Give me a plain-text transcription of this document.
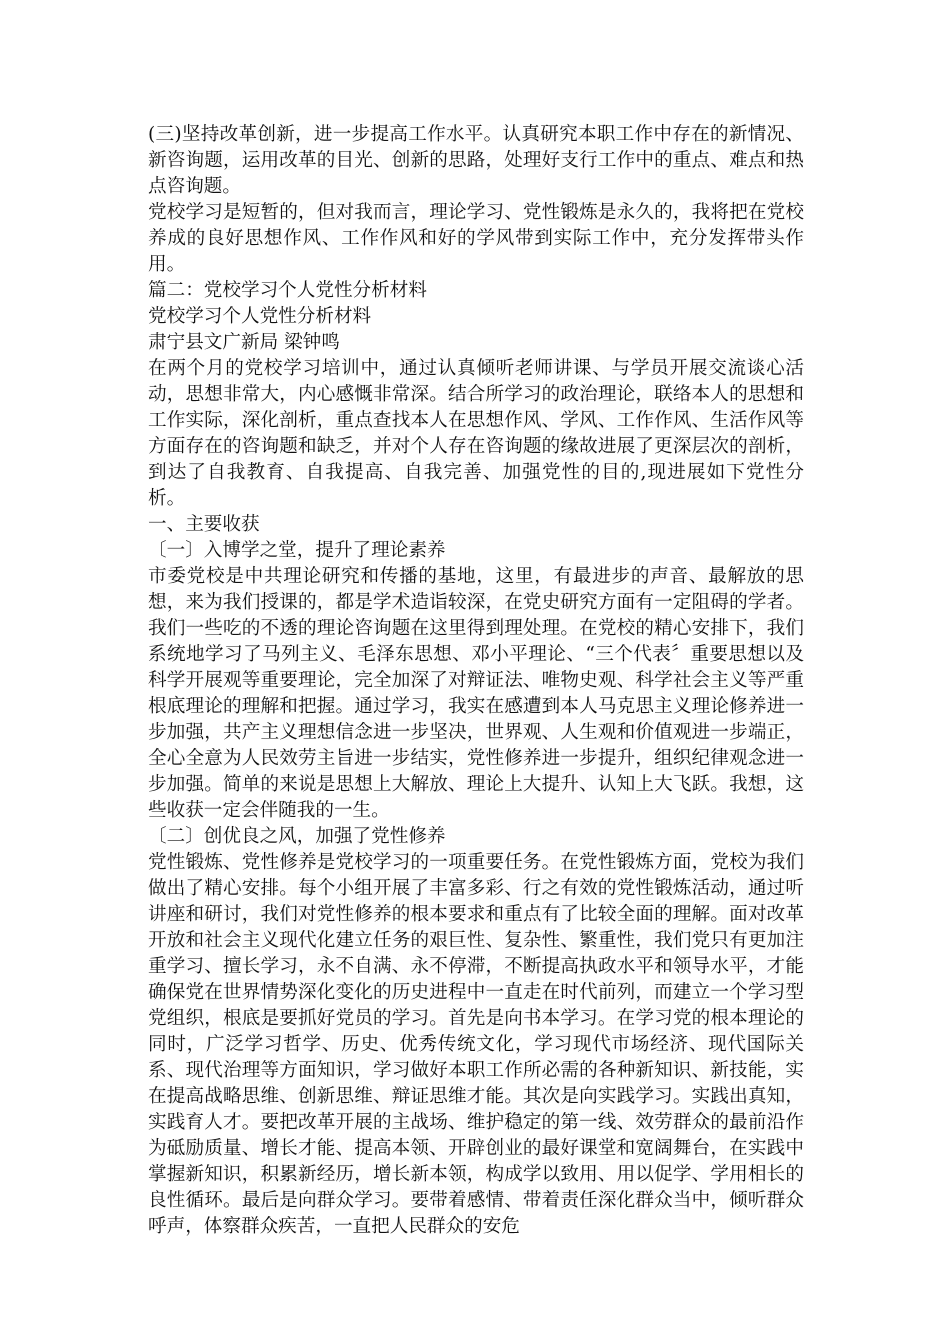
(三)坚持改革创新，进一步提高工作水平。认真研究本职工作中存在的新情况、新咨询题，运用改革的目光、创新的思路，处理好支行工作中的重点、难点和热点咨询题。

党校学习是短暂的，但对我而言，理论学习、党性锻炼是永久的，我将把在党校养成的良好思想作风、工作作风和好的学风带到实际工作中，充分发挥带头作用。

篇二：党校学习个人党性分析材料

党校学习个人党性分析材料

肃宁县文广新局 梁钟鸣

在两个月的党校学习培训中，通过认真倾听老师讲课、与学员开展交流谈心活动，思想非常大，内心感慨非常深。结合所学习的政治理论，联络本人的思想和工作实际，深化剖析，重点查找本人在思想作风、学风、工作作风、生活作风等方面存在的咨询题和缺乏，并对个人存在咨询题的缘故进展了更深层次的剖析，到达了自我教育、自我提高、自我完善、加强党性的目的,现进展如下党性分析。

一、主要收获

〔一〕入博学之堂，提升了理论素养

市委党校是中共理论研究和传播的基地，这里，有最进步的声音、最解放的思想，来为我们授课的，都是学术造诣较深，在党史研究方面有一定阻碍的学者。我们一些吃的不透的理论咨询题在这里得到理处理。在党校的精心安排下，我们系统地学习了马列主义、毛泽东思想、邓小平理论、“三个代表〞重要思想以及科学开展观等重要理论，完全加深了对辩证法、唯物史观、科学社会主义等严重根底理论的理解和把握。通过学习，我实在感遭到本人马克思主义理论修养进一步加强，共产主义理想信念进一步坚决，世界观、人生观和价值观进一步端正，全心全意为人民效劳主旨进一步结实，党性修养进一步提升，组织纪律观念进一步加强。简单的来说是思想上大解放、理论上大提升、认知上大飞跃。我想，这些收获一定会伴随我的一生。

〔二〕创优良之风，加强了党性修养

党性锻炼、党性修养是党校学习的一项重要任务。在党性锻炼方面，党校为我们做出了精心安排。每个小组开展了丰富多彩、行之有效的党性锻炼活动，通过听讲座和研讨，我们对党性修养的根本要求和重点有了比较全面的理解。面对改革开放和社会主义现代化建立任务的艰巨性、复杂性、繁重性，我们党只有更加注重学习、擅长学习，永不自满、永不停滞，不断提高执政水平和领导水平，才能确保党在世界情势深化变化的历史进程中一直走在时代前列，而建立一个学习型党组织，根底是要抓好党员的学习。首先是向书本学习。在学习党的根本理论的同时，广泛学习哲学、历史、优秀传统文化，学习现代市场经济、现代国际关系、现代治理等方面知识，学习做好本职工作所必需的各种新知识、新技能，实在提高战略思维、创新思维、辩证思维才能。其次是向实践学习。实践出真知，实践育人才。要把改革开展的主战场、维护稳定的第一线、效劳群众的最前沿作为砥励质量、增长才能、提高本领、开辟创业的最好课堂和宽阔舞台，在实践中掌握新知识，积累新经历，增长新本领，构成学以致用、用以促学、学用相长的良性循环。最后是向群众学习。要带着感情、带着责任深化群众当中，倾听群众呼声，体察群众疾苦，一直把人民群众的安危
